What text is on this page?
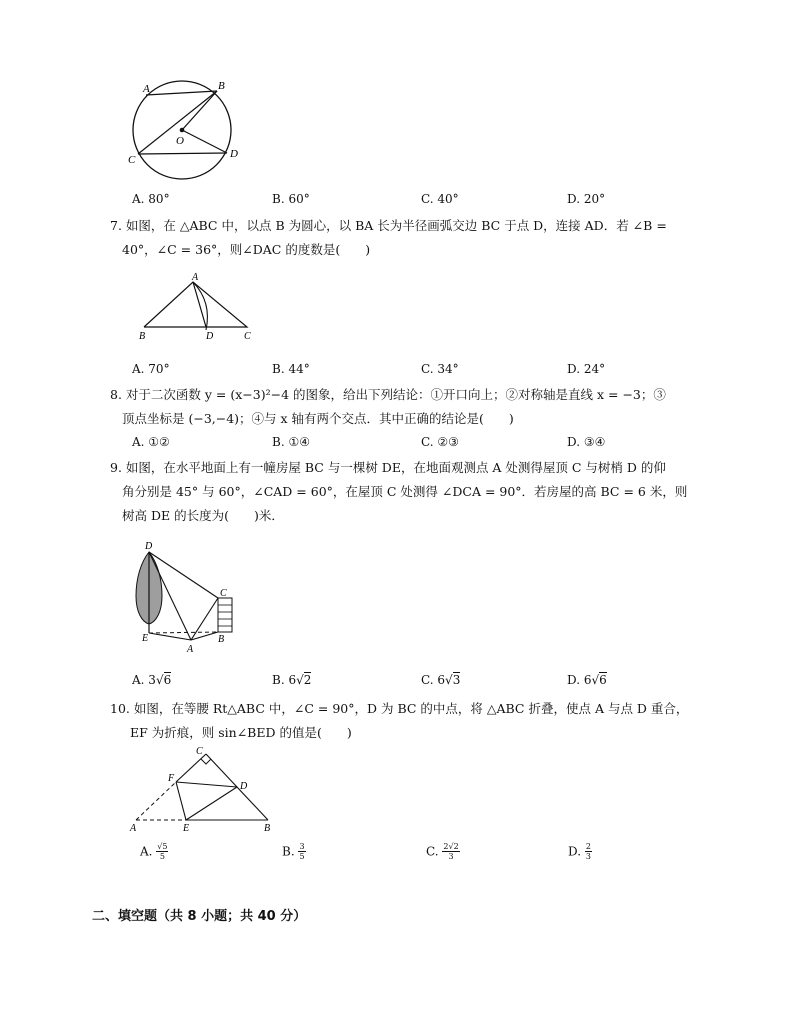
A	B
C	D
O
A. 80°	B. 60°	C. 40°	D. 20°
7. 如图，在 △ABC 中，以点 B 为圆心，以 BA 长为半径画弧交边 BC 于点 D，连接 AD．若 ∠B =
40°，∠C = 36°，则∠DAC 的度数是(　　)
A
B	D	C
A. 70°	B. 44°	C. 34°	D. 24°
8. 对于二次函数 y = (x−3)²−4 的图象，给出下列结论：①开口向上；②对称轴是直线 x = −3；③
顶点坐标是 (−3,−4)；④与 x 轴有两个交点．其中正确的结论是(　　)
A. ①②	B. ①④	C. ②③	D. ③④
9. 如图，在水平地面上有一幢房屋 BC 与一棵树 DE，在地面观测点 A 处测得屋顶 C 与树梢 D 的仰
角分别是 45° 与 60°，∠CAD = 60°，在屋顶 C 处测得 ∠DCA = 90°．若房屋的高 BC = 6 米，则
树高 DE 的长度为(　　)米．
D
C
E	B
A
A. 3√6	B. 6√2	C. 6√3	D. 6√6
10. 如图，在等腰 Rt△ABC 中，∠C = 90°，D 为 BC 的中点，将 △ABC 折叠，使点 A 与点 D 重合，
EF 为折痕，则 sin∠BED 的值是(　　)
C
F
D
A	E	B
A. $\frac{√5}{5}$	B. $\frac{3}{5}$	C. $\frac{2√2}{3}$	D. $\frac{2}{3}$
二、填空题（共 8 小题；共 40 分）
